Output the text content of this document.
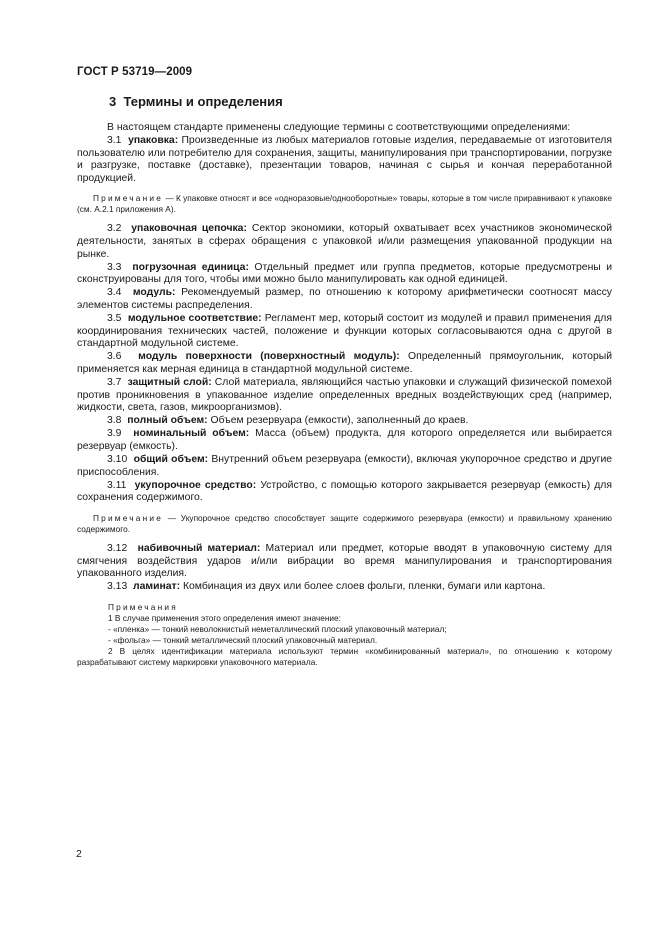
ГОСТ Р 53719—2009
3 Термины и определения

В настоящем стандарте применены следующие термины с соответствующими определениями:

3.1 упаковка: Произведенные из любых материалов готовые изделия, передаваемые от изготовителя пользователю или потребителю для сохранения, защиты, манипулирования при транспортировании, погрузке и разгрузке, поставке (доставке), презентации товаров, начиная с сырья и кончая переработанной продукцией.

Примечание — К упаковке относят и все «одноразовые/однооборотные» товары, которые в том числе приравнивают к упаковке (см. А.2.1 приложения А).

3.2 упаковочная цепочка: Сектор экономики, который охватывает всех участников экономической деятельности, занятых в сферах обращения с упаковкой и/или размещения упакованной продукции на рынке.

3.3 погрузочная единица: Отдельный предмет или группа предметов, которые предусмотрены и сконструированы для того, чтобы ими можно было манипулировать как одной единицей.

3.4 модуль: Рекомендуемый размер, по отношению к которому арифметически соотносят массу элементов системы распределения.

3.5 модульное соответствие: Регламент мер, который состоит из модулей и правил применения для координирования технических частей, положение и функции которых согласовываются одна с другой в стандартной модульной системе.

3.6 модуль поверхности (поверхностный модуль): Определенный прямоугольник, который применяется как мерная единица в стандартной модульной системе.

3.7 защитный слой: Слой материала, являющийся частью упаковки и служащий физической помехой против проникновения в упакованное изделие определенных вредных воздействующих сред (например, жидкости, света, газов, микроорганизмов).

3.8 полный объем: Объем резервуара (емкости), заполненный до краев.

3.9 номинальный объем: Масса (объем) продукта, для которого определяется или выбирается резервуар (емкость).

3.10 общий объем: Внутренний объем резервуара (емкости), включая укупорочное средство и другие приспособления.

3.11 укупорочное средство: Устройство, с помощью которого закрывается резервуар (емкость) для сохранения содержимого.

Примечание — Укупорочное средство способствует защите содержимого резервуара (емкости) и правильному хранению содержимого.

3.12 набивочный материал: Материал или предмет, которые вводят в упаковочную систему для смягчения воздействия ударов и/или вибрации во время манипулирования и транспортирования упакованного изделия.

3.13 ламинат: Комбинация из двух или более слоев фольги, пленки, бумаги или картона.

Примечания
1 В случае применения этого определения имеют значение:
- «пленка» — тонкий неволокнистый неметаллический плоский упаковочный материал;
- «фольга» — тонкий металлический плоский упаковочный материал.
2 В целях идентификации материала используют термин «комбинированный материал», по отношению к которому разрабатывают систему маркировки упаковочного материала.
2
